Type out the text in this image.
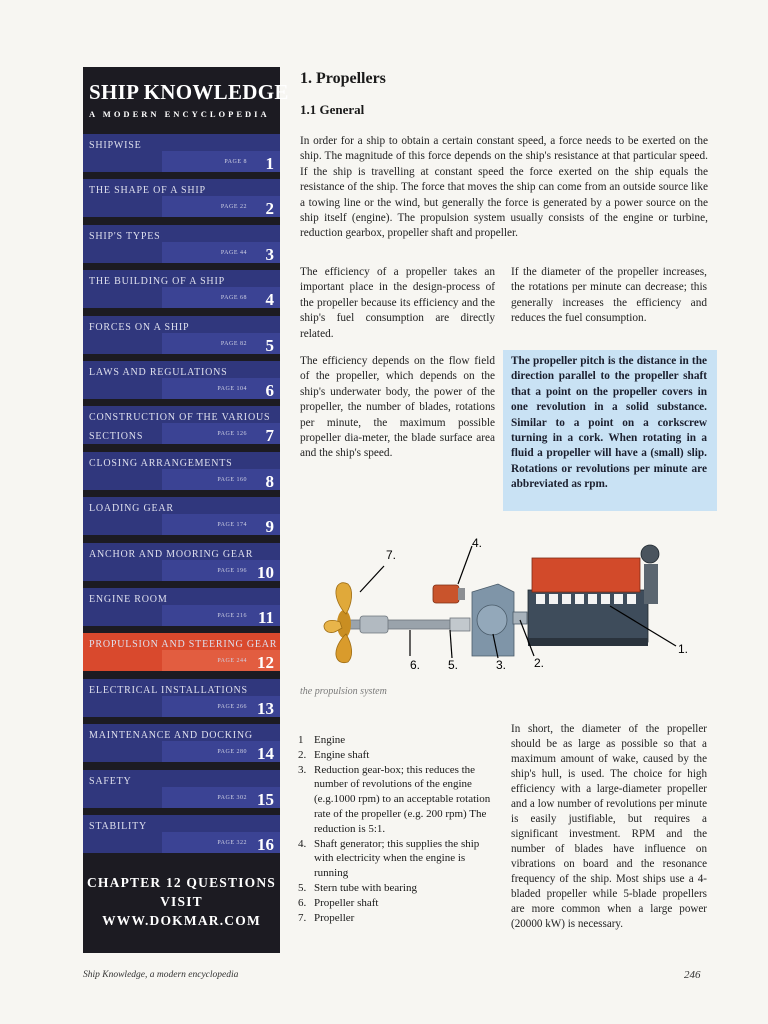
SHIP KNOWLEDGE
A MODERN ENCYCLOPEDIA
SHIPWISE
PAGE 8 1
THE SHAPE OF A SHIP
PAGE 22 2
SHIP'S TYPES
PAGE 44 3
THE BUILDING OF A SHIP
PAGE 68 4
FORCES ON A SHIP
PAGE 82 5
LAWS AND REGULATIONS
PAGE 104 6
CONSTRUCTION OF THE VARIOUS
SECTIONS	PAGE 126 7
CLOSING ARRANGEMENTS
PAGE 160 8
LOADING GEAR
PAGE 174 9
ANCHOR AND MOORING GEAR
PAGE 196 10
ENGINE ROOM
PAGE 216 11
PROPULSION AND STEERING GEAR
PAGE 244 12
ELECTRICAL INSTALLATIONS
PAGE 266 13
MAINTENANCE AND DOCKING
PAGE 280 14
SAFETY
PAGE 302 15
STABILITY
PAGE 322 16
CHAPTER 12 QUESTIONS
VISIT
WWW.DOKMAR.COM
1. Propellers
1.1 General

In order for a ship to obtain a certain constant speed, a force needs to be exerted on the ship. The magnitude of this force depends on the ship's resistance at that particular speed. If the ship is travelling at constant speed the force exerted on the ship equals the resistance of the ship. The force that moves the ship can come from an outside source like a towing line or the wind, but generally the force is generated by a power source on the ship itself (engine). The propulsion system usually consists of the engine or turbine, reduction gearbox, propeller shaft and propeller.

The efficiency of a propeller takes an important place in the design-process of the propeller because its efficiency and the ship's fuel consumption are directly related.

The efficiency depends on the flow field of the propeller, which depends on the ship's underwater body, the power of the propeller, the number of blades, rotations per minute, the maximum possible propeller dia-meter, the blade surface area and the ship's speed.

If the diameter of the propeller increases, the rotations per minute can decrease; this generally increases the efficiency and reduces the fuel consumption.

The propeller pitch is the distance in the direction parallel to the propeller shaft that a point on the propeller covers in one revolution in a solid substance. Similar to a point on a corkscrew turning in a cork. When rotating in a fluid a propeller will have a (small) slip. Rotations or revolutions per minute are abbreviated as rpm.

7.
4.
1.
6. 5.	3. 2.
the propulsion system
1 Engine
2. Engine shaft
3. Reduction gear-box; this reduces the number of revolutions of the engine (e.g.1000 rpm) to an acceptable rotation rate of the propeller (e.g. 200 rpm) The reduction is 5:1.
4. Shaft generator; this supplies the ship with electricity when the engine is running
5. Stern tube with bearing
6. Propeller shaft
7. Propeller

In short, the diameter of the propeller should be as large as possible so that a maximum amount of wake, caused by the ship's hull, is used. The choice for high efficiency with a large-diameter propeller and a low number of revolutions per minute is easily justifiable, but requires a significant investment. RPM and the number of blades have influence on vibrations on board and the resonance frequency of the ship. Most ships use a 4-bladed propeller while 5-blade propellers are more common when a large power (20000 kW) is necessary.

Ship Knowledge, a modern encyclopedia	246
